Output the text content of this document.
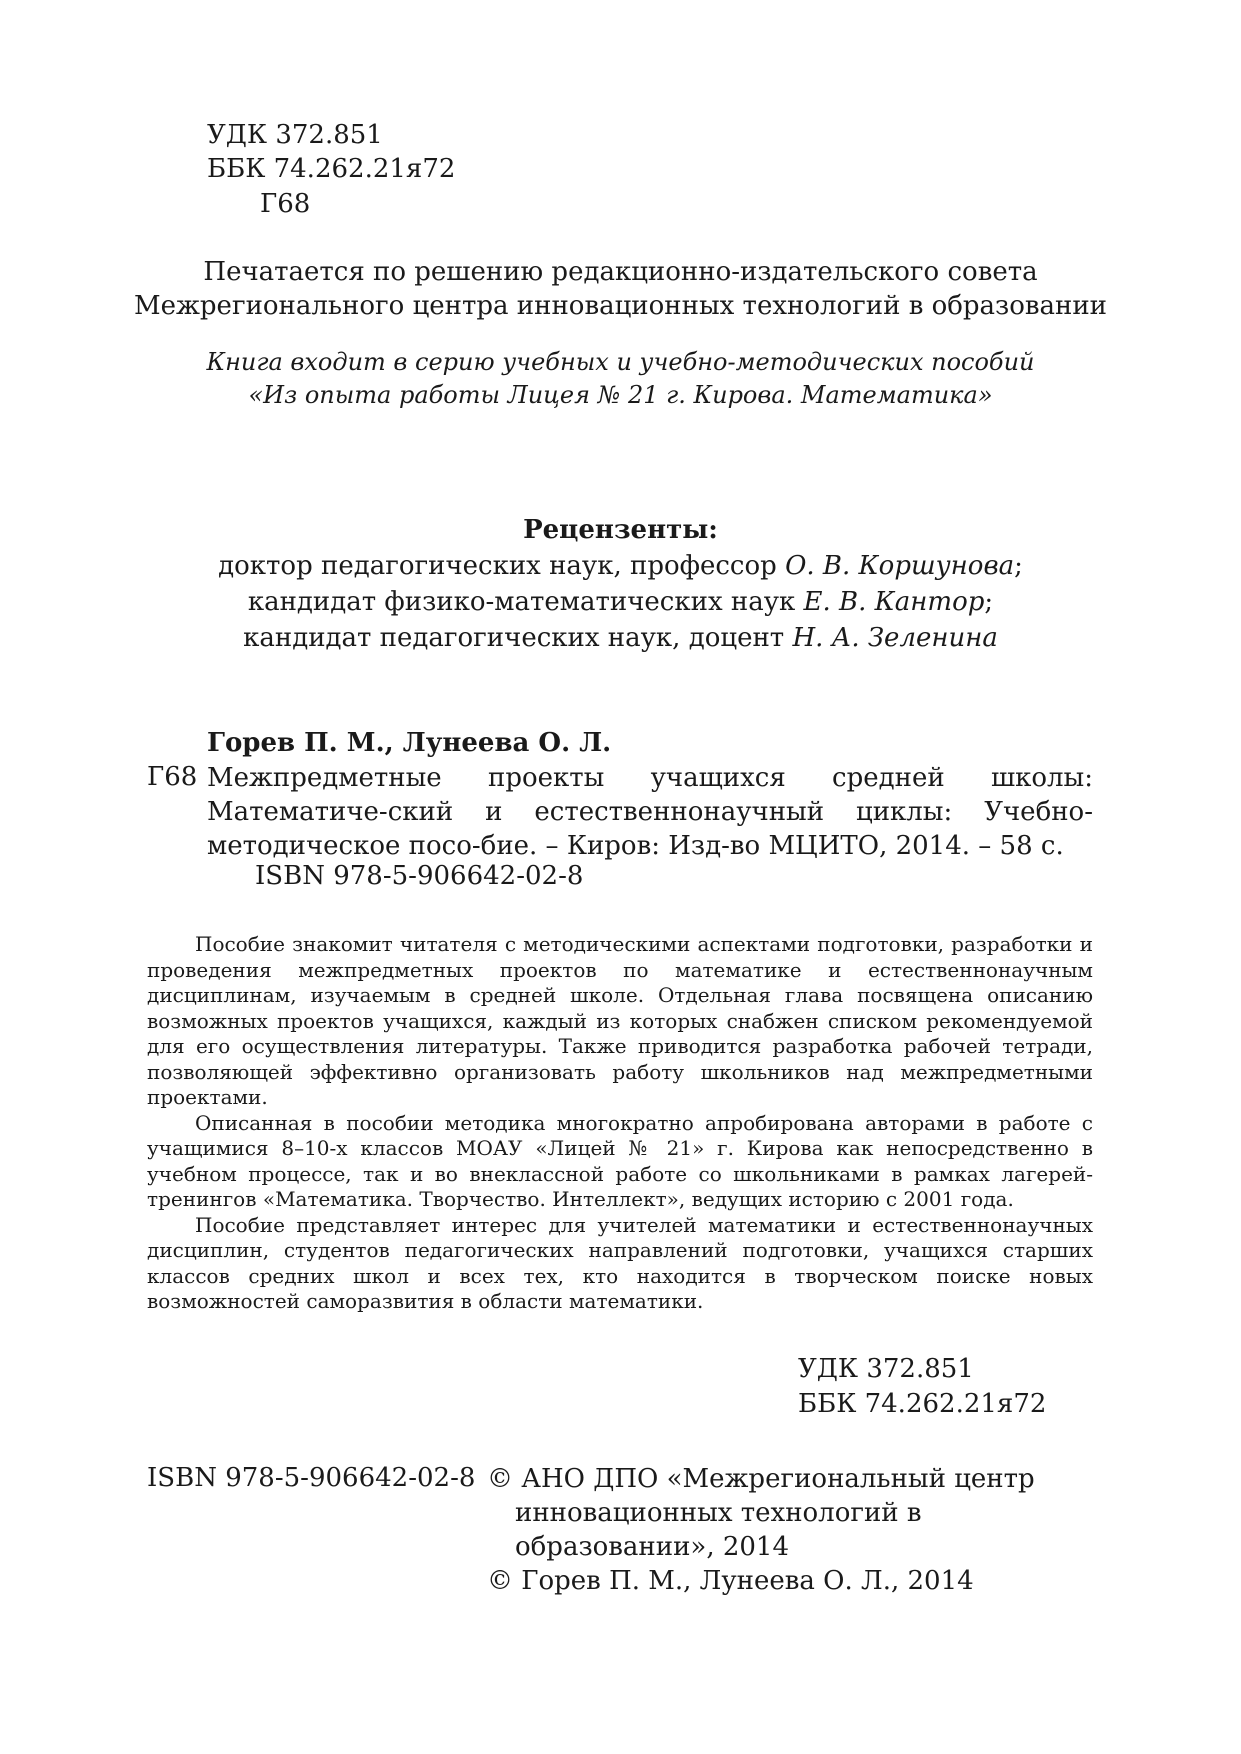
УДК 372.851
ББК 74.262.21я72
Г68
Печатается по решению редакционно-издательского совета
Межрегионального центра инновационных технологий в образовании
Книга входит в серию учебных и учебно-методических пособий
«Из опыта работы Лицея № 21 г. Кирова. Математика»
Рецензенты:
доктор педагогических наук, профессор О. В. Коршунова;
кандидат физико-математических наук Е. В. Кантор;
кандидат педагогических наук, доцент Н. А. Зеленина
Горев П. М., Лунеева О. Л.
Г68 Межпредметные проекты учащихся средней школы: Математиче-ский и естественнонаучный циклы: Учебно-методическое посо-бие. – Киров: Изд-во МЦИТО, 2014. – 58 с.
ISBN 978-5-906642-02-8

Пособие знакомит читателя с методическими аспектами подготовки, разработки и проведения межпредметных проектов по математике и естественнонаучным дисциплинам, изучаемым в средней школе. Отдельная глава посвящена описанию возможных проектов учащихся, каждый из которых снабжен списком рекомендуемой для его осуществления литературы. Также приводится разработка рабочей тетради, позволяющей эффективно организовать работу школьников над межпредметными проектами.

Описанная в пособии методика многократно апробирована авторами в работе с учащимися 8–10-х классов МОАУ «Лицей № 21» г. Кирова как непосредственно в учебном процессе, так и во внеклассной работе со школьниками в рамках лагерей-тренингов «Математика. Творчество. Интеллект», ведущих историю с 2001 года.

Пособие представляет интерес для учителей математики и естественнонаучных дисциплин, студентов педагогических направлений подготовки, учащихся старших классов средних школ и всех тех, кто находится в творческом поиске новых возможностей саморазвития в области математики.

УДК 372.851
ББК 74.262.21я72
ISBN 978-5-906642-02-8 © АНО ДПО «Межрегиональный центр инновационных технологий в образовании», 2014
© Горев П. М., Лунеева О. Л., 2014
